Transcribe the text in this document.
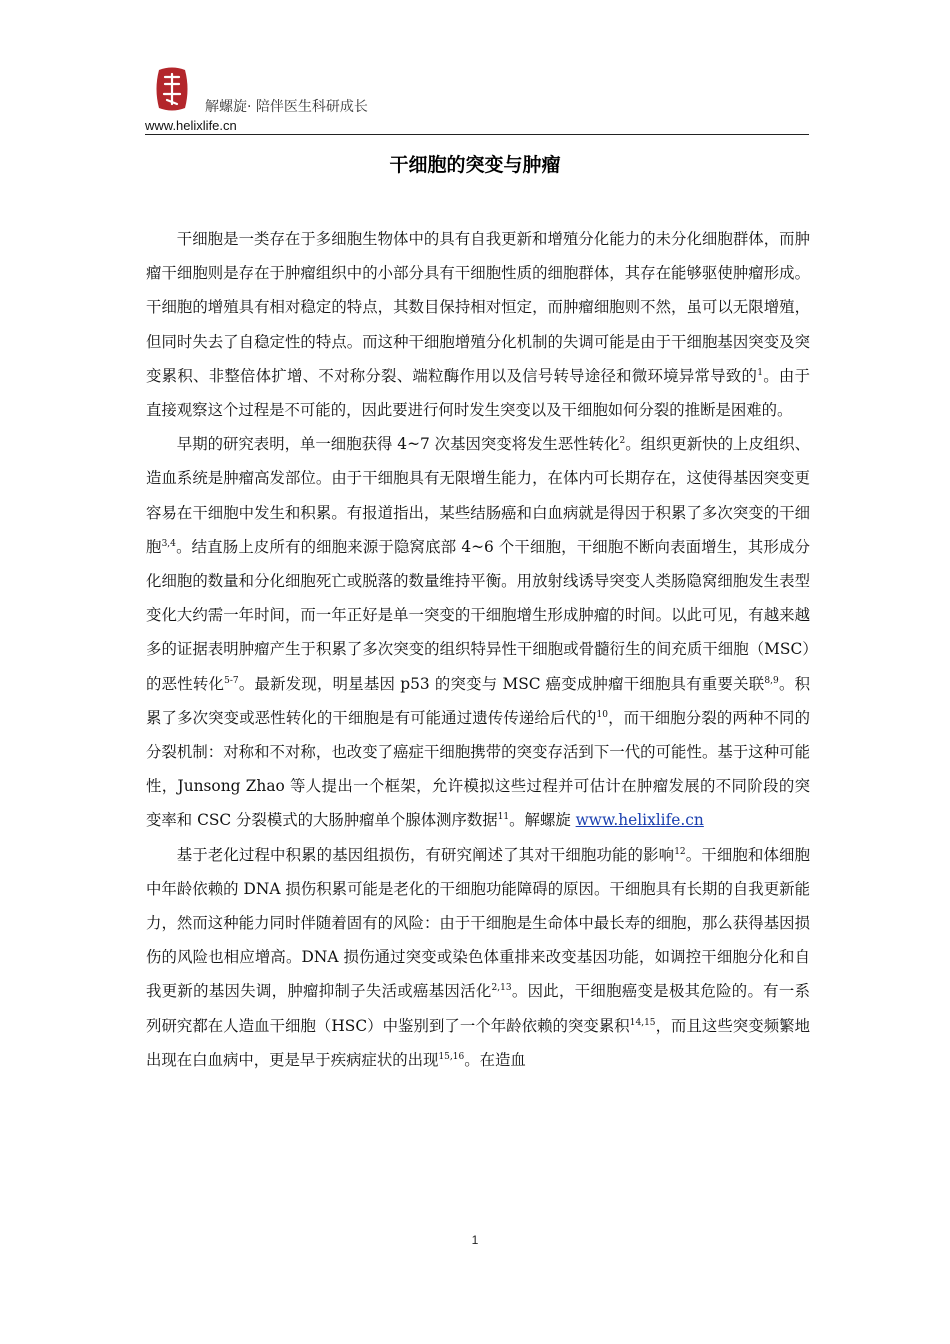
解螺旋· 陪伴医生科研成长
www.helixlife.cn
干细胞的突变与肿瘤

干细胞是一类存在于多细胞生物体中的具有自我更新和增殖分化能力的未分化细胞群体，而肿瘤干细胞则是存在于肿瘤组织中的小部分具有干细胞性质的细胞群体，其存在能够驱使肿瘤形成。干细胞的增殖具有相对稳定的特点，其数目保持相对恒定，而肿瘤细胞则不然，虽可以无限增殖，但同时失去了自稳定性的特点。而这种干细胞增殖分化机制的失调可能是由于干细胞基因突变及突变累积、非整倍体扩增、不对称分裂、端粒酶作用以及信号转导途径和微环境异常导致的$^1$。由于直接观察这个过程是不可能的，因此要进行何时发生突变以及干细胞如何分裂的推断是困难的。

早期的研究表明，单一细胞获得 4~7 次基因突变将发生恶性转化$^2$。组织更新快的上皮组织、造血系统是肿瘤高发部位。由于干细胞具有无限增生能力，在体内可长期存在，这使得基因突变更容易在干细胞中发生和积累。有报道指出，某些结肠癌和白血病就是得因于积累了多次突变的干细胞$^{3,4}$。结直肠上皮所有的细胞来源于隐窝底部 4~6 个干细胞，干细胞不断向表面增生，其形成分化细胞的数量和分化细胞死亡或脱落的数量维持平衡。用放射线诱导突变人类肠隐窝细胞发生表型变化大约需一年时间，而一年正好是单一突变的干细胞增生形成肿瘤的时间。以此可见，有越来越多的证据表明肿瘤产生于积累了多次突变的组织特异性干细胞或骨髓衍生的间充质干细胞（MSC）的恶性转化$^{5-7}$。最新发现，明星基因 p53 的突变与 MSC 癌变成肿瘤干细胞具有重要关联$^{8,9}$。积累了多次突变或恶性转化的干细胞是有可能通过遗传传递给后代的$^{10}$，而干细胞分裂的两种不同的分裂机制：对称和不对称，也改变了癌症干细胞携带的突变存活到下一代的可能性。基于这种可能性，Junsong Zhao 等人提出一个框架，允许模拟这些过程并可估计在肿瘤发展的不同阶段的突变率和 CSC 分裂模式的大肠肿瘤单个腺体测序数据$^{11}$。解螺旋 www.helixlife.cn

基于老化过程中积累的基因组损伤，有研究阐述了其对干细胞功能的影响$^{12}$。干细胞和体细胞中年龄依赖的 DNA 损伤积累可能是老化的干细胞功能障碍的原因。干细胞具有长期的自我更新能力，然而这种能力同时伴随着固有的风险：由于干细胞是生命体中最长寿的细胞，那么获得基因损伤的风险也相应增高。DNA 损伤通过突变或染色体重排来改变基因功能，如调控干细胞分化和自我更新的基因失调，肿瘤抑制子失活或癌基因活化$^{2,13}$。因此，干细胞癌变是极其危险的。有一系列研究都在人造血干细胞（HSC）中鉴别到了一个年龄依赖的突变累积$^{14,15}$，而且这些突变频繁地出现在白血病中，更是早于疾病症状的出现$^{15,16}$。在造血

1
